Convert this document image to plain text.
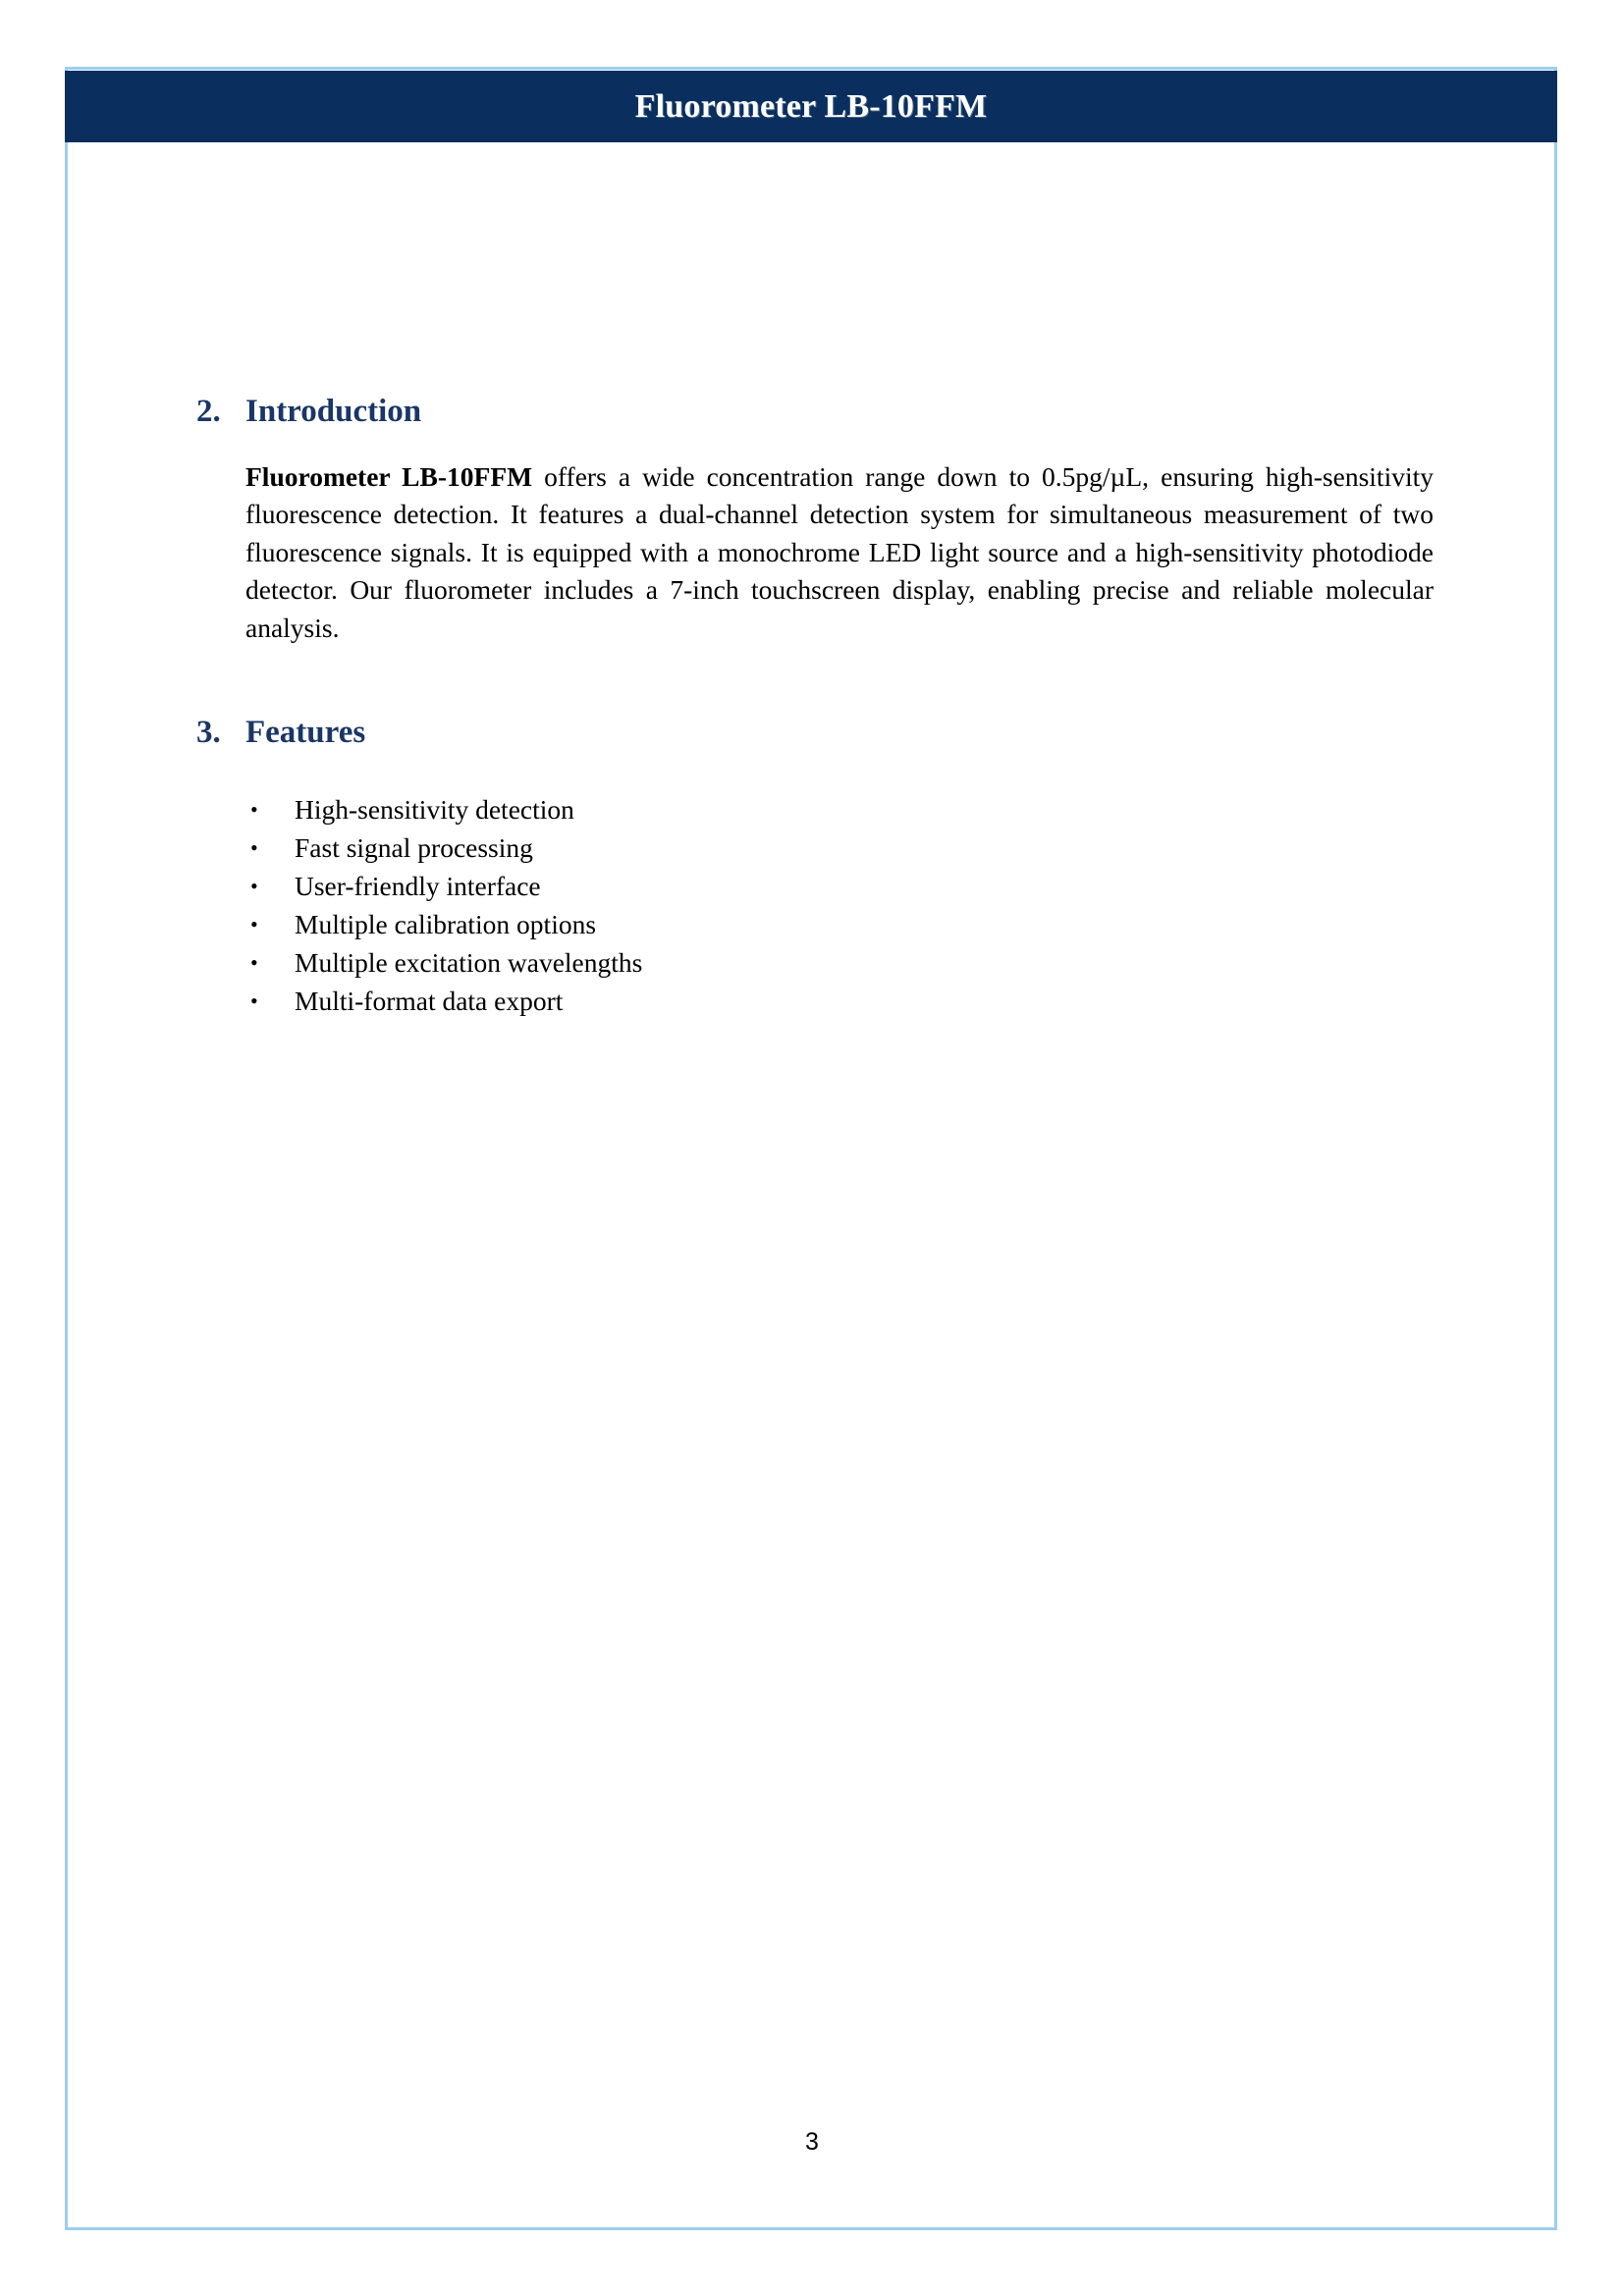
Fluorometer LB-10FFM
2. Introduction

Fluorometer LB-10FFM offers a wide concentration range down to 0.5pg/µL, ensuring high-sensitivity fluorescence detection. It features a dual-channel detection system for simultaneous measurement of two fluorescence signals. It is equipped with a monochrome LED light source and a high-sensitivity photodiode detector. Our fluorometer includes a 7-inch touchscreen display, enabling precise and reliable molecular analysis.

3. Features
• High-sensitivity detection
• Fast signal processing
• User-friendly interface
• Multiple calibration options
• Multiple excitation wavelengths
• Multi-format data export
3
